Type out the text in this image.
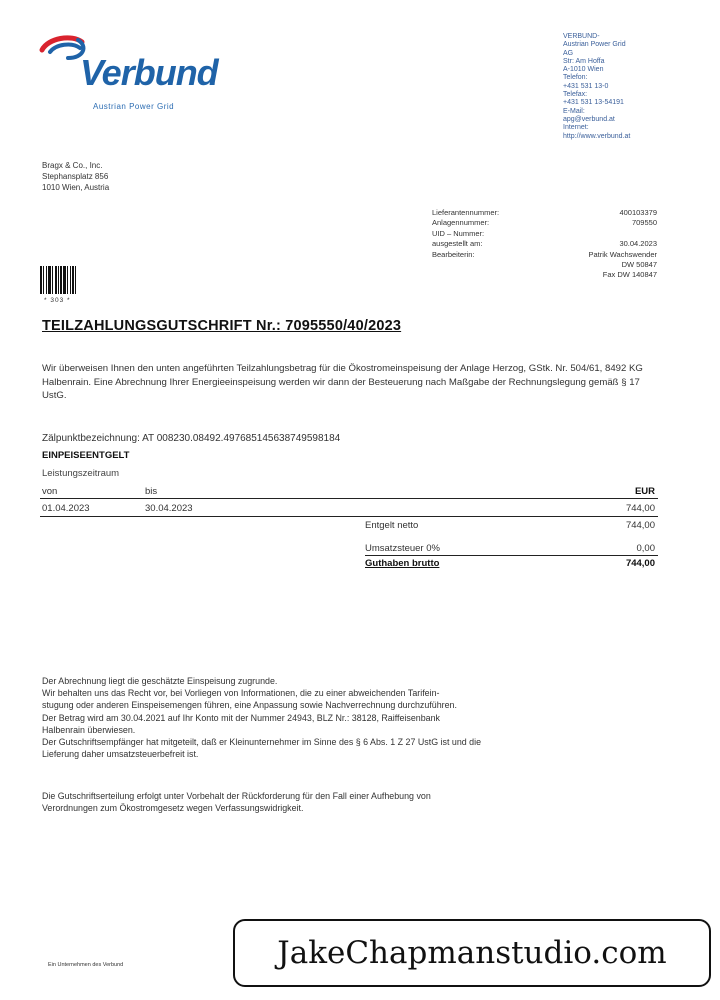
Verbund
Austrian Power Grid
VERBUND-
Austrian Power Grid
AG
Str: Am Hoffa
A-1010 Wien
Telefon:
+431 531 13-0
Telefax:
+431 531 13-54191
E-Mail:
apg@verbund.at
Internet:
http://www.verbund.at
Bragx & Co., Inc.
Stephansplatz 856
1010 Wien, Austria
Lieferantennummer:	400103379
Anlagennummer:	709550
UID – Nummer:
ausgestellt am:	30.04.2023
Bearbeiterin:	Patrik Wachswender
DW 50847
Fax DW 140847
* 303 *
TEILZAHLUNGSGUTSCHRIFT Nr.: 7095550/40/2023
Wir überweisen Ihnen den unten angeführten Teilzahlungsbetrag für die Ökostromeinspeisung der Anlage Herzog, GStk. Nr. 504/61, 8492 KG Halbenrain. Eine Abrechnung Ihrer Energieeinspeisung werden wir dann der Besteuerung nach Maßgabe der Rechnungslegung gemäß § 17 UstG.
Zälpunktbezeichnung: AT 008230.08492.497685145638749598184
EINPEISEENTGELT
Leistungszeitraum
von	bis	EUR
01.04.2023	30.04.2023	744,00
Entgelt netto	744,00
Umsatzsteuer 0%	0,00
Guthaben brutto	744,00

Der Abrechnung liegt die geschätzte Einspeisung zugrunde.

Wir behalten uns das Recht vor, bei Vorliegen von Informationen, die zu einer abweichenden Tarifein-

stugung oder anderen Einspeisemengen führen, eine Anpassung sowie Nachverrechnung durchzuführen.

Der Betrag wird am 30.04.2021 auf Ihr Konto mit der Nummer 24943, BLZ Nr.: 38128, Raiffeisenbank

Halbenrain überwiesen.

Der Gutschriftsempfänger hat mitgeteilt, daß er Kleinunternehmer im Sinne des § 6 Abs. 1 Z 27 UstG ist und die

Lieferung daher umsatzsteuerbefreit ist.

Die Gutschriftserteilung erfolgt unter Vorbehalt der Rückforderung für den Fall einer Aufhebung von

Verordnungen zum Ökostromgesetz wegen Verfassungswidrigkeit.

Ein Unternehmen des Verbund	JakeChapmanstudio.com
